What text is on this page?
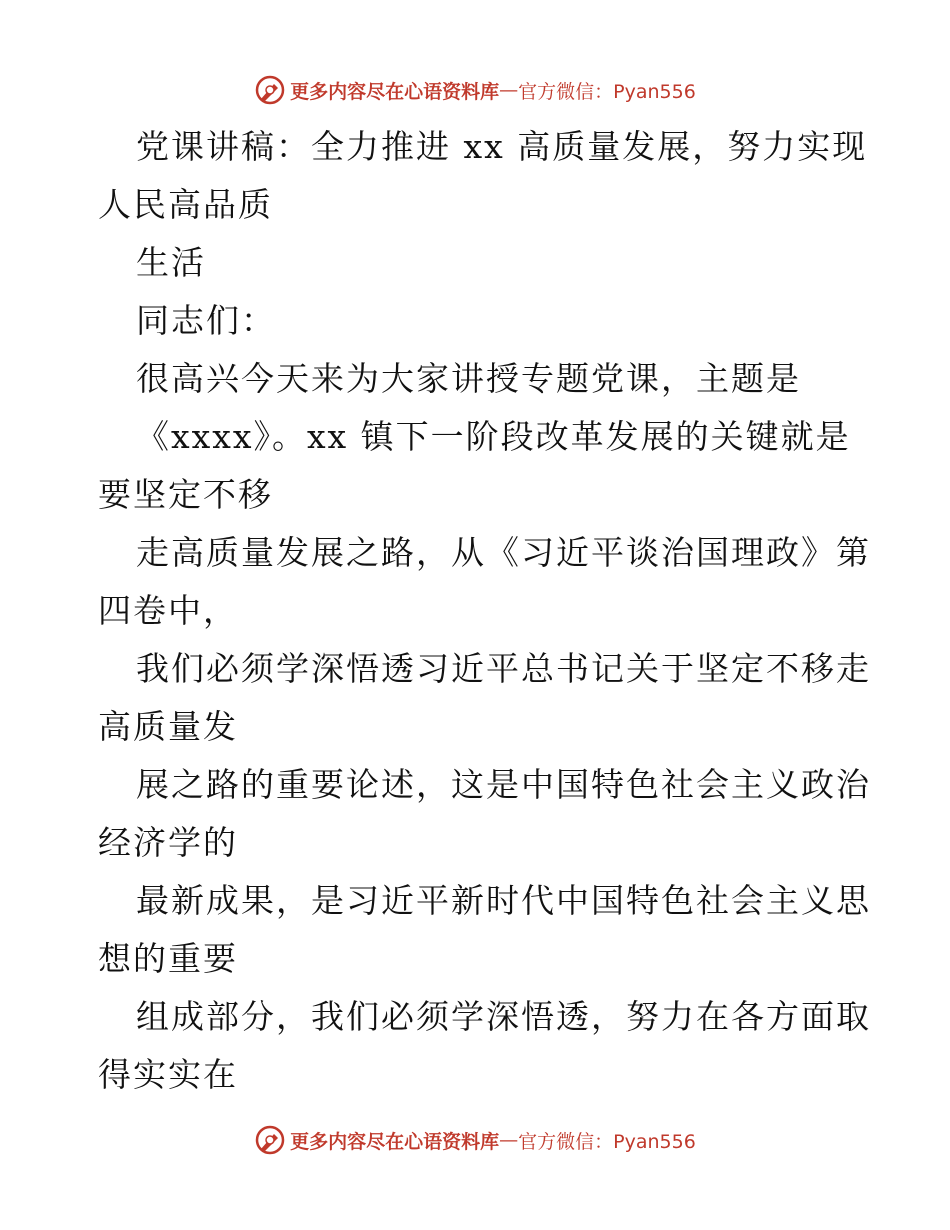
更多内容尽在心语资料库 — 官方微信：Pyan556
党课讲稿：全力推进 xx 高质量发展，努力实现
人民高品质
生活
同志们：
很高兴今天来为大家讲授专题党课，主题是
《xxxx》。xx 镇下一阶段改革发展的关键就是
要坚定不移
走高质量发展之路，从《习近平谈治国理政》第
四卷中，
我们必须学深悟透习近平总书记关于坚定不移走
高质量发
展之路的重要论述，这是中国特色社会主义政治
经济学的
最新成果，是习近平新时代中国特色社会主义思
想的重要
组成部分，我们必须学深悟透，努力在各方面取
得实实在
更多内容尽在心语资料库 — 官方微信：Pyan556
